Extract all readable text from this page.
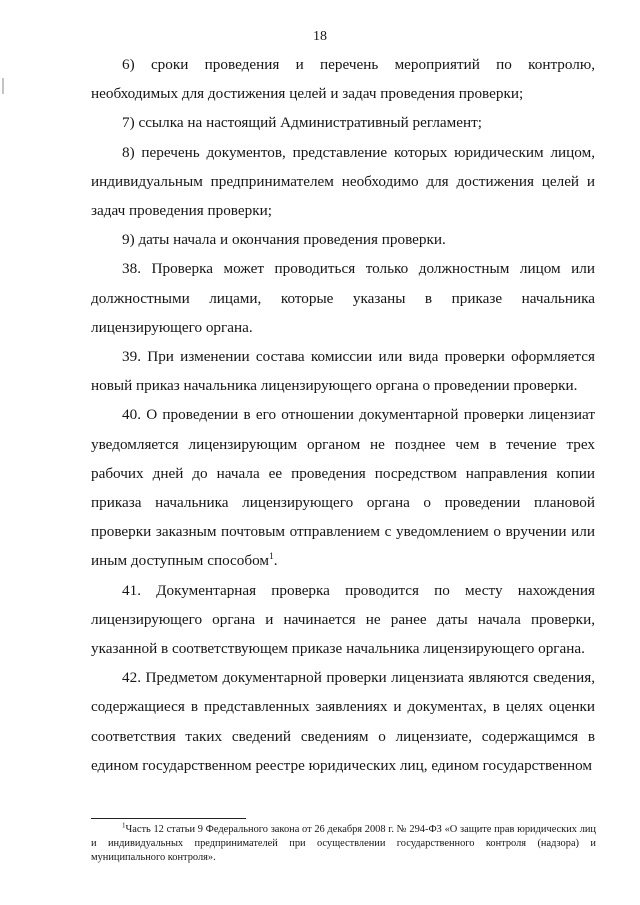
18

6) сроки проведения и перечень мероприятий по контролю, необходимых для достижения целей и задач проведения проверки;

7) ссылка на настоящий Административный регламент;

8) перечень документов, представление которых юридическим лицом, индивидуальным предпринимателем необходимо для достижения целей и задач проведения проверки;

9) даты начала и окончания проведения проверки.

38. Проверка может проводиться только должностным лицом или должностными лицами, которые указаны в приказе начальника лицензирующего органа.

39. При изменении состава комиссии или вида проверки оформляется новый приказ начальника лицензирующего органа о проведении проверки.

40. О проведении в его отношении документарной проверки лицензиат уведомляется лицензирующим органом не позднее чем в течение трех рабочих дней до начала ее проведения посредством направления копии приказа начальника лицензирующего органа о проведении плановой проверки заказным почтовым отправлением с уведомлением о вручении или иным доступным способом$^1$.

41. Документарная проверка проводится по месту нахождения лицензирующего органа и начинается не ранее даты начала проверки, указанной в соответствующем приказе начальника лицензирующего органа.

42. Предметом документарной проверки лицензиата являются сведения, содержащиеся в представленных заявлениях и документах, в целях оценки соответствия таких сведений сведениям о лицензиате, содержащимся в едином государственном реестре юридических лиц, едином государственном

$^1$Часть 12 статьи 9 Федерального закона от 26 декабря 2008 г. № 294-ФЗ «О защите прав юридических лиц и индивидуальных предпринимателей при осуществлении государственного контроля (надзора) и муниципального контроля».
